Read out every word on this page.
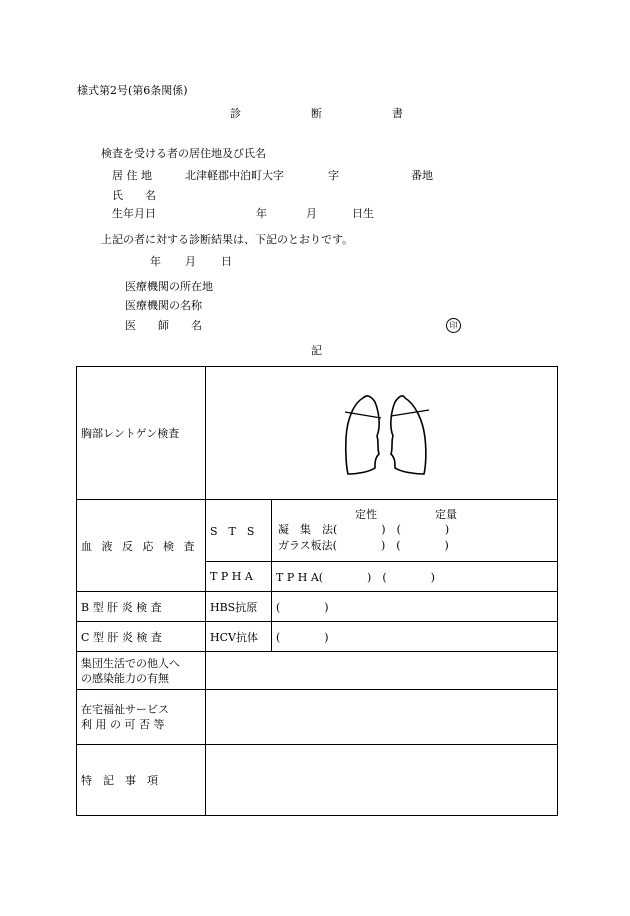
様式第2号(第6条関係)
診	断	書
検査を受ける者の居住地及び氏名
居 住 地	北津軽郡中泊町大字	字	番地
氏　　名
生年月日	年	月	日生
上記の者に対する診断結果は、下記のとおりです。
年 月 日
医療機関の所在地
医療機関の名称
医　　師　　名	印
記
胸部レントゲン検査	

血 液 反 応 検 査	S　T　S	定性 定量
凝　集　法(　　　　)　(　　　　)
ガラス板法(　　　　)　(　　　　)

	T P H A	T P H A(　　　　)　(　　　　)
B 型 肝 炎 検 査	HBS抗原	(　　　　)
C 型 肝 炎 検 査	HCV抗体	(　　　　)

集団生活での他人へ
の感染能力の有無		

在宅福祉サービス
利 用 の 可 否 等		

特　記　事　項		
